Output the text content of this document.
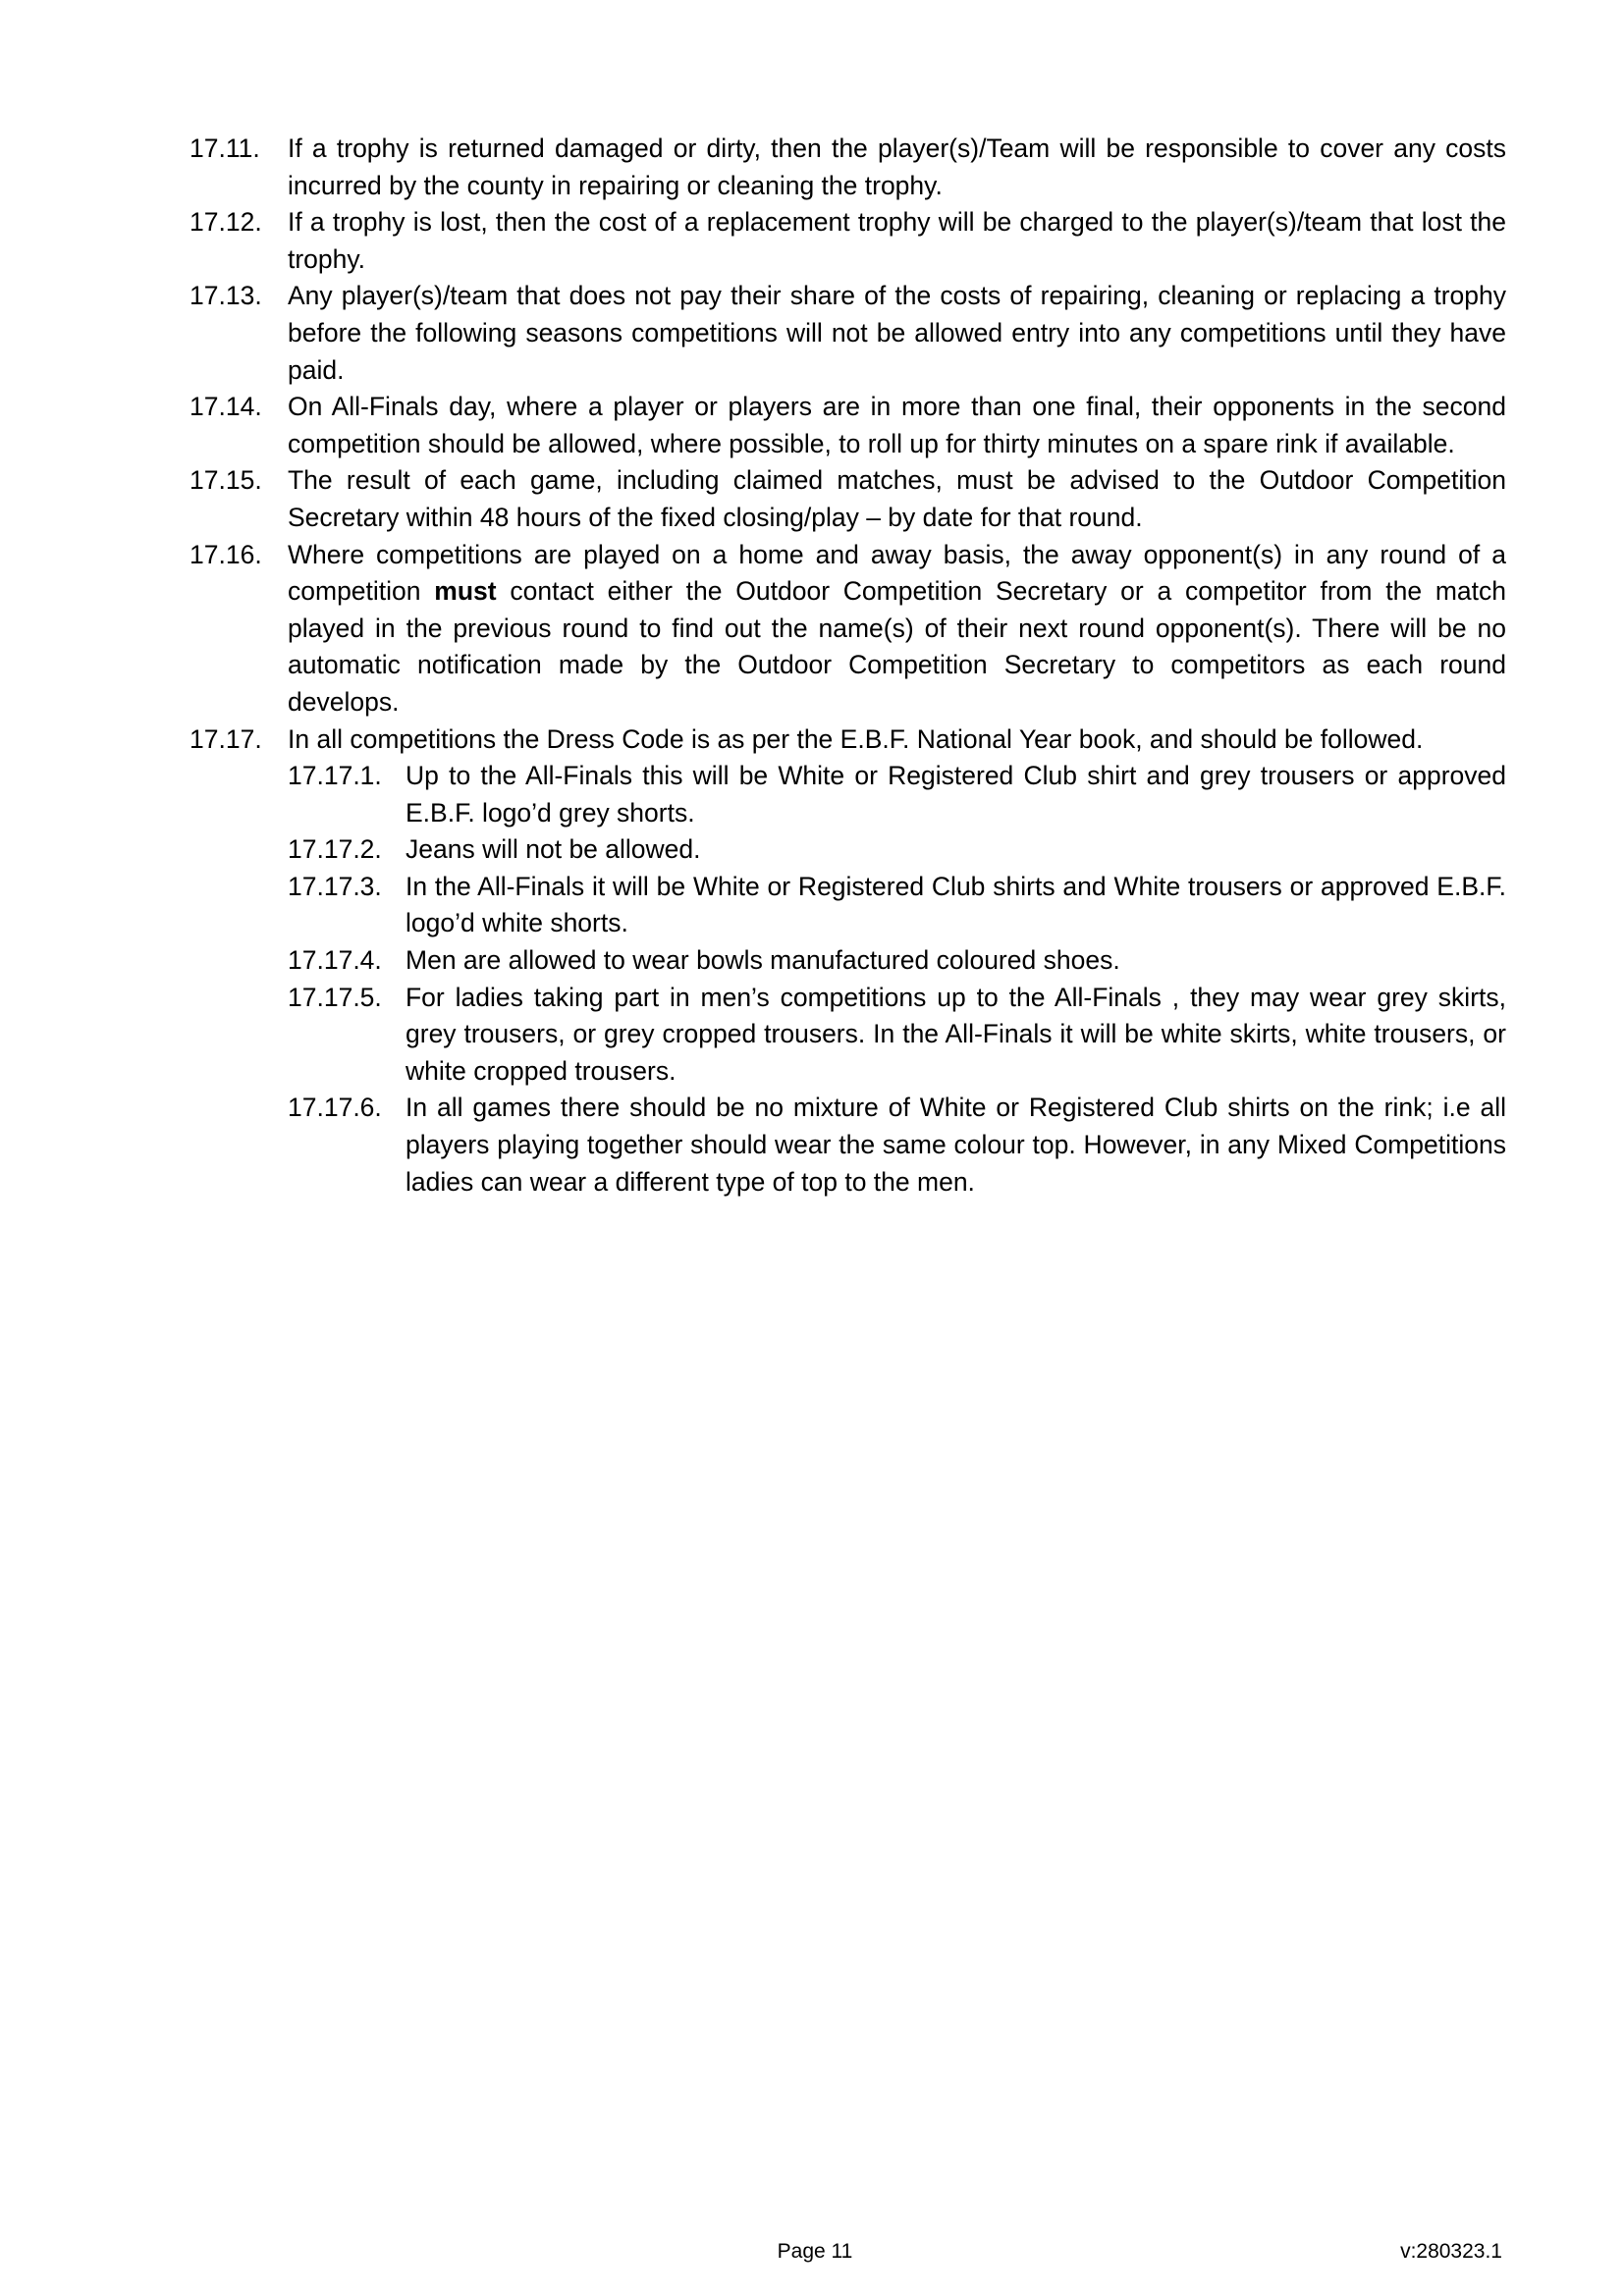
17.11.	If a trophy is returned damaged or dirty, then the player(s)/Team will be responsible to cover any costs incurred by the county in repairing or cleaning the trophy.
17.12. If a trophy is lost, then the cost of a replacement trophy will be charged to the player(s)/team that lost the trophy.
17.13. Any player(s)/team that does not pay their share of the costs of repairing, cleaning or replacing a trophy before the following seasons competitions will not be allowed entry into any competitions until they have paid.
17.14. On All-Finals day, where a player or players are in more than one final, their opponents in the second competition should be allowed, where possible, to roll up for thirty minutes on a spare rink if available.
17.15. The result of each game, including claimed matches, must be advised to the Outdoor Competition Secretary within 48 hours of the fixed closing/play – by date for that round.
17.16. Where competitions are played on a home and away basis, the away opponent(s) in any round of a competition must contact either the Outdoor Competition Secretary or a competitor from the match played in the previous round to find out the name(s) of their next round opponent(s). There will be no automatic notification made by the Outdoor Competition Secretary to competitors as each round develops.
17.17. In all competitions the Dress Code is as per the E.B.F. National Year book, and should be followed.
17.17.1. Up to the All-Finals this will be White or Registered Club shirt and grey trousers or approved E.B.F. logo’d grey shorts.
17.17.2. Jeans will not be allowed.
17.17.3. In the All-Finals it will be White or Registered Club shirts and White trousers or approved E.B.F. logo’d white shorts.
17.17.4. Men are allowed to wear bowls manufactured coloured shoes.
17.17.5. For ladies taking part in men’s competitions up to the All-Finals , they may wear grey skirts, grey trousers, or grey cropped trousers. In the All-Finals it will be white skirts, white trousers, or white cropped trousers.
17.17.6. In all games there should be no mixture of White or Registered Club shirts on the rink; i.e all players playing together should wear the same colour top. However, in any Mixed Competitions ladies can wear a different type of top to the men.
Page 11	v:280323.1
